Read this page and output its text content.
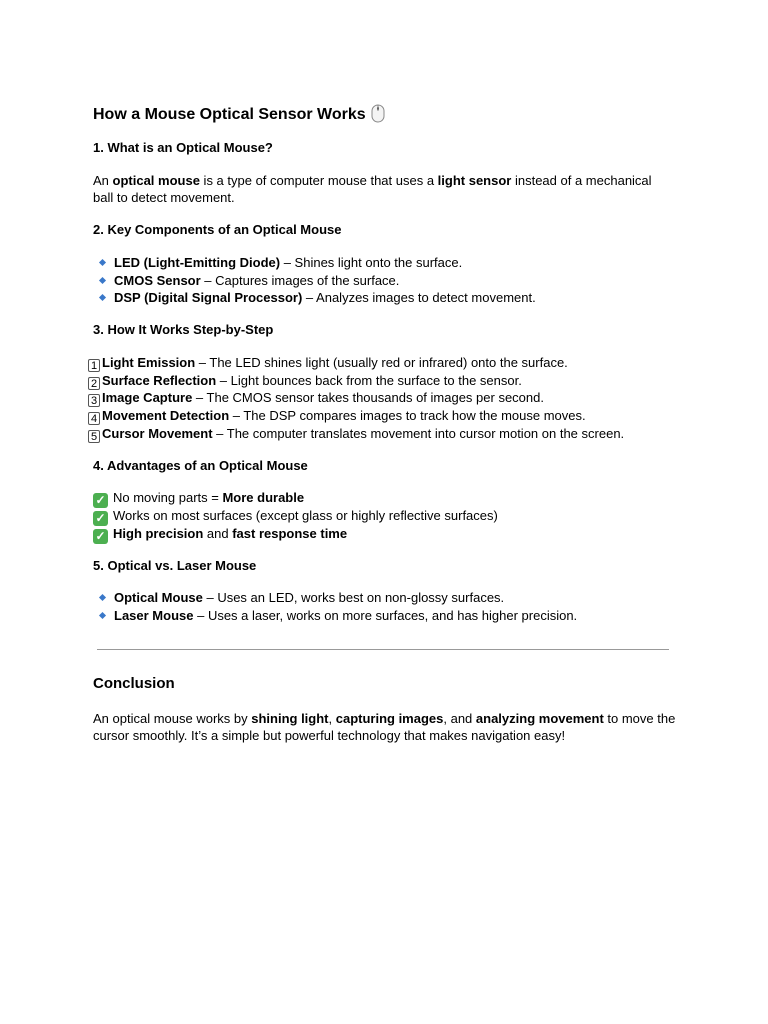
How a Mouse Optical Sensor Works
1. What is an Optical Mouse?
An optical mouse is a type of computer mouse that uses a light sensor instead of a mechanical ball to detect movement.
2. Key Components of an Optical Mouse
LED (Light-Emitting Diode) – Shines light onto the surface.
CMOS Sensor – Captures images of the surface.
DSP (Digital Signal Processor) – Analyzes images to detect movement.
3. How It Works Step-by-Step
1 Light Emission – The LED shines light (usually red or infrared) onto the surface.
2 Surface Reflection – Light bounces back from the surface to the sensor.
3 Image Capture – The CMOS sensor takes thousands of images per second.
4 Movement Detection – The DSP compares images to track how the mouse moves.
5 Cursor Movement – The computer translates movement into cursor motion on the screen.
4. Advantages of an Optical Mouse
✓ No moving parts = More durable
✓ Works on most surfaces (except glass or highly reflective surfaces)
✓ High precision and fast response time
5. Optical vs. Laser Mouse
Optical Mouse – Uses an LED, works best on non-glossy surfaces.
Laser Mouse – Uses a laser, works on more surfaces, and has higher precision.
Conclusion
An optical mouse works by shining light, capturing images, and analyzing movement to move the cursor smoothly. It’s a simple but powerful technology that makes navigation easy!
